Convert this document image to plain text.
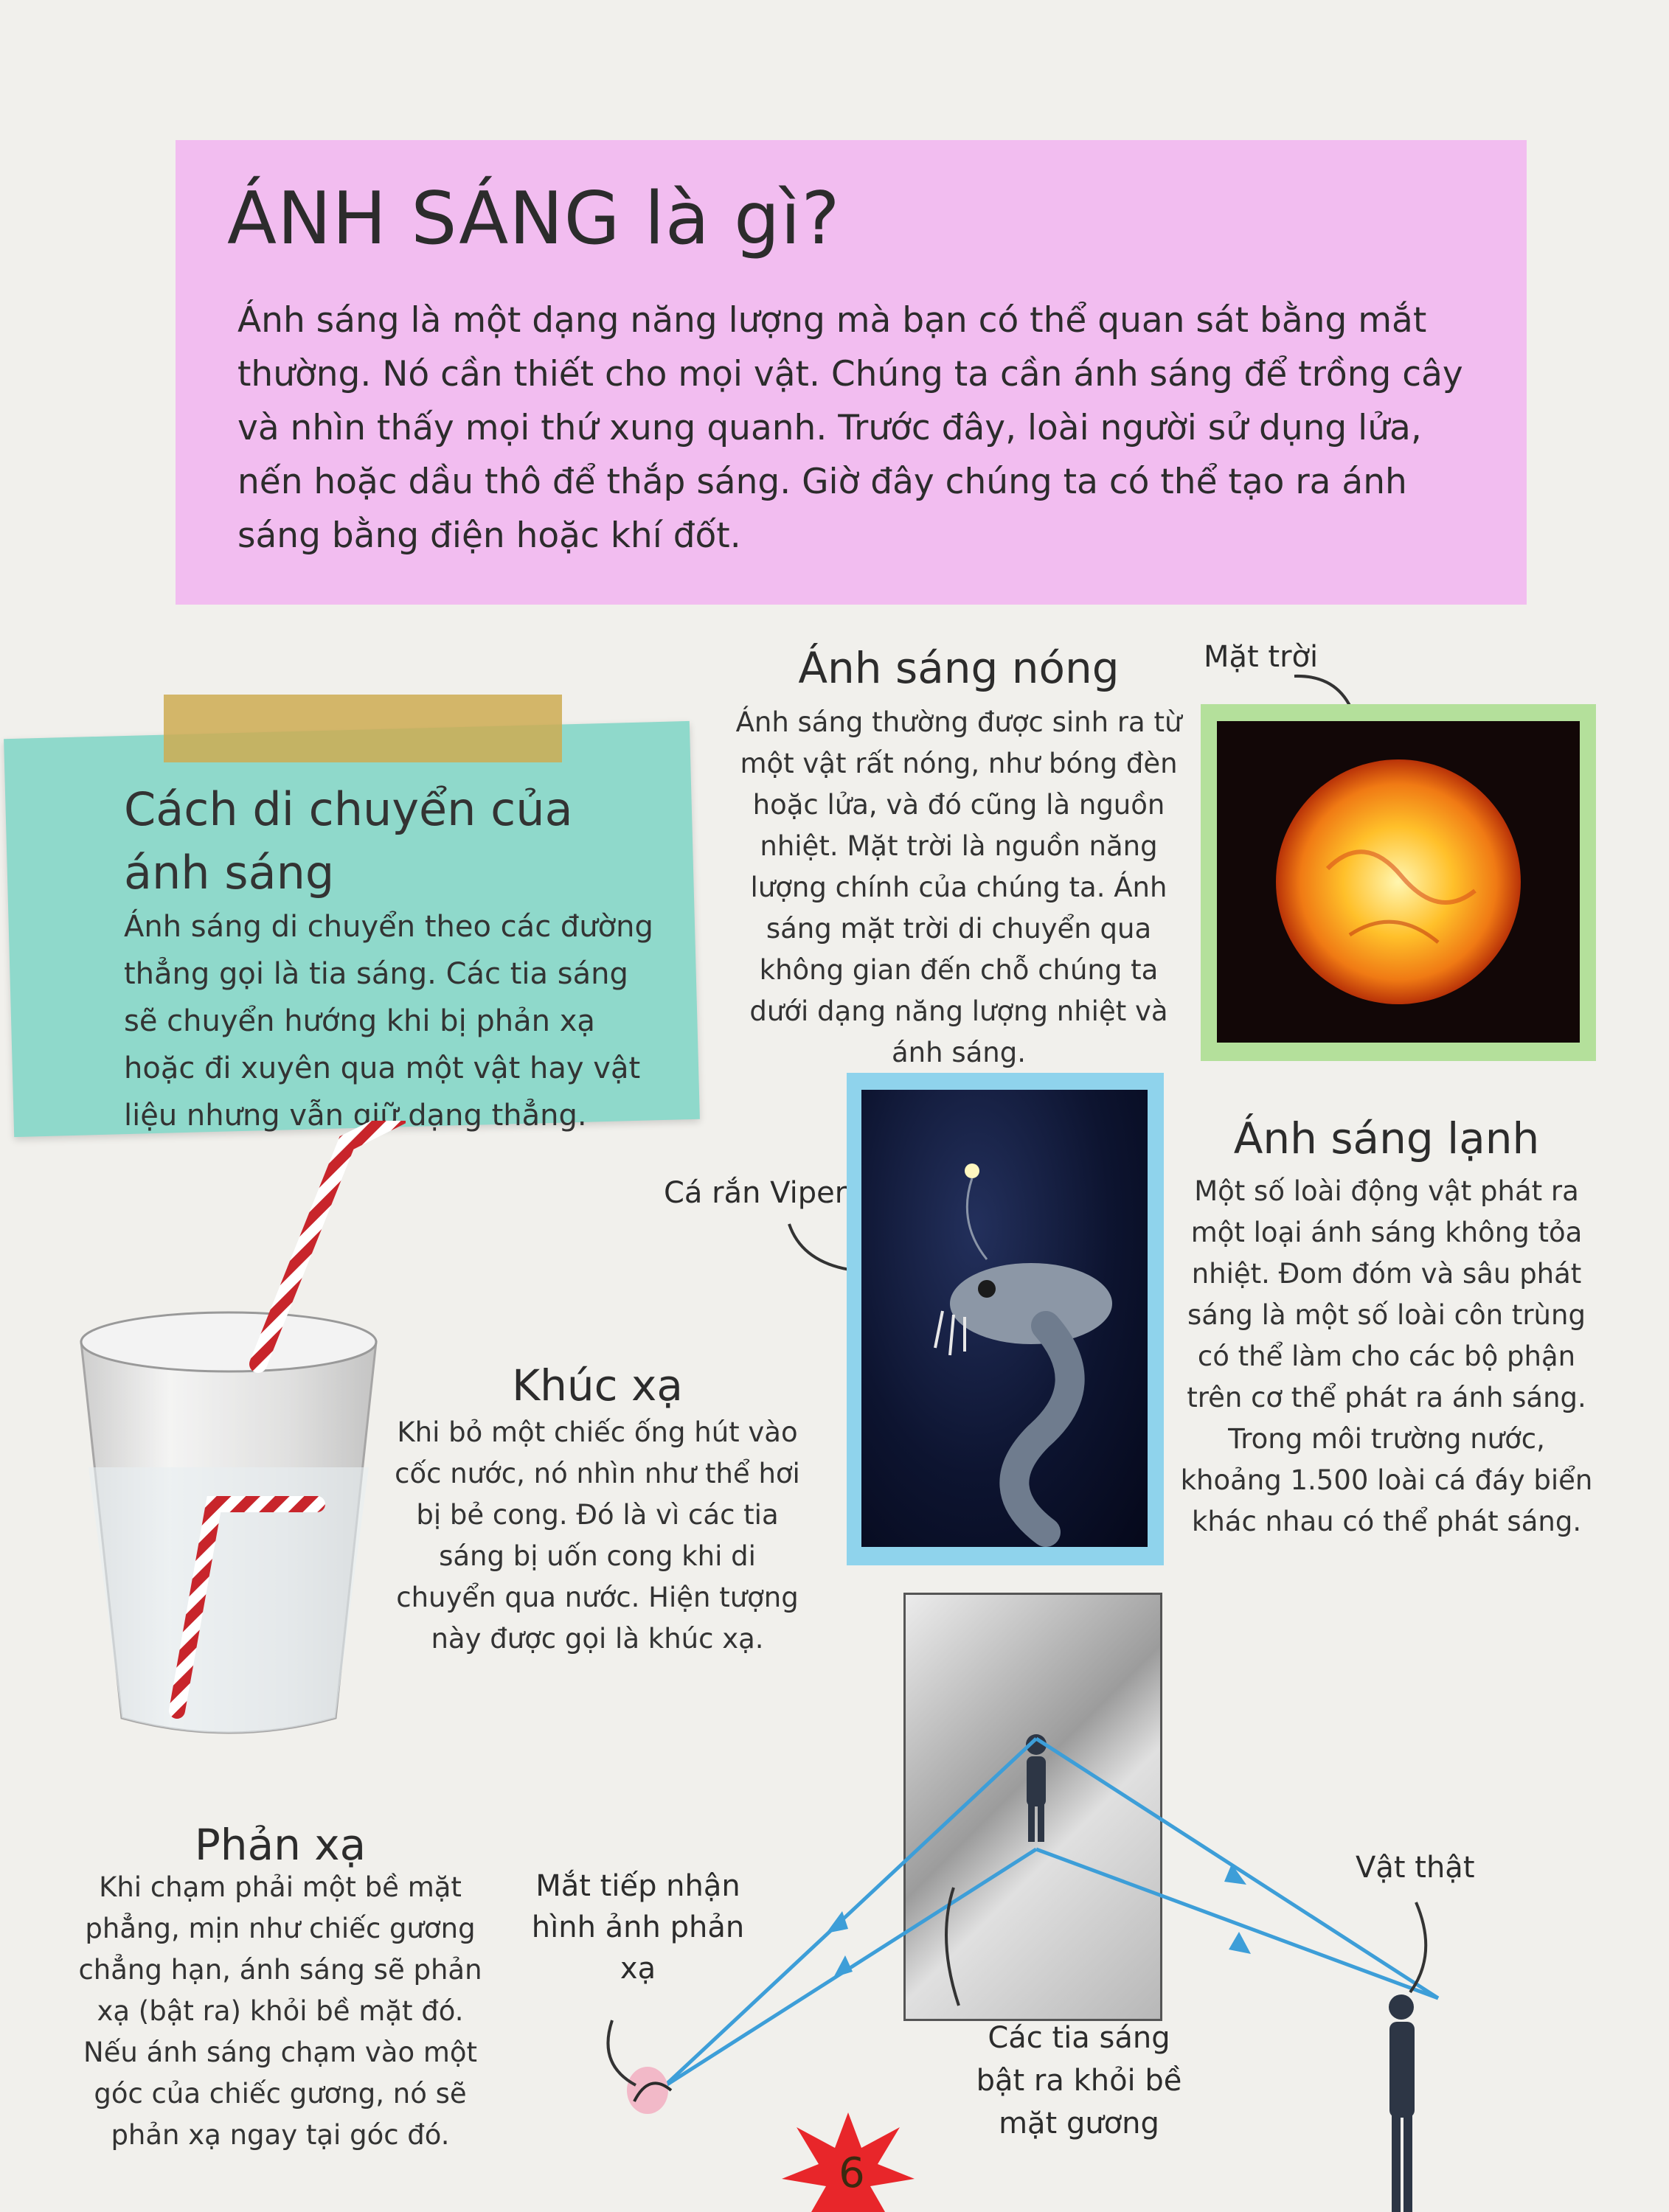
ÁNH SÁNG là gì?
Ánh sáng là một dạng năng lượng mà bạn có thể quan sát bằng mắt thường. Nó cần thiết cho mọi vật. Chúng ta cần ánh sáng để trồng cây và nhìn thấy mọi thứ xung quanh. Trước đây, loài người sử dụng lửa, nến hoặc dầu thô để thắp sáng. Giờ đây chúng ta có thể tạo ra ánh sáng bằng điện hoặc khí đốt.
Cách di chuyển của ánh sáng
Ánh sáng di chuyển theo các đường thẳng gọi là tia sáng. Các tia sáng sẽ chuyển hướng khi bị phản xạ hoặc đi xuyên qua một vật hay vật liệu nhưng vẫn giữ dạng thẳng.
Ánh sáng nóng
Ánh sáng thường được sinh ra từ một vật rất nóng, như bóng đèn hoặc lửa, và đó cũng là nguồn nhiệt. Mặt trời là nguồn năng lượng chính của chúng ta. Ánh sáng mặt trời di chuyển qua không gian đến chỗ chúng ta dưới dạng năng lượng nhiệt và ánh sáng.
Mặt trời
Ánh sáng lạnh
Một số loài động vật phát ra một loại ánh sáng không tỏa nhiệt. Đom đóm và sâu phát sáng là một số loài côn trùng có thể làm cho các bộ phận trên cơ thể phát ra ánh sáng. Trong môi trường nước, khoảng 1.500 loài cá đáy biển khác nhau có thể phát sáng.
Cá rắn Viper
Khúc xạ
Khi bỏ một chiếc ống hút vào cốc nước, nó nhìn như thể hơi bị bẻ cong. Đó là vì các tia sáng bị uốn cong khi di chuyển qua nước. Hiện tượng này được gọi là khúc xạ.
Phản xạ
Khi chạm phải một bề mặt phẳng, mịn như chiếc gương chẳng hạn, ánh sáng sẽ phản xạ (bật ra) khỏi bề mặt đó. Nếu ánh sáng chạm vào một góc của chiếc gương, nó sẽ phản xạ ngay tại góc đó.
Mắt tiếp nhận hình ảnh phản xạ
Các tia sáng bật ra khỏi bề mặt gương
Vật thật
6
